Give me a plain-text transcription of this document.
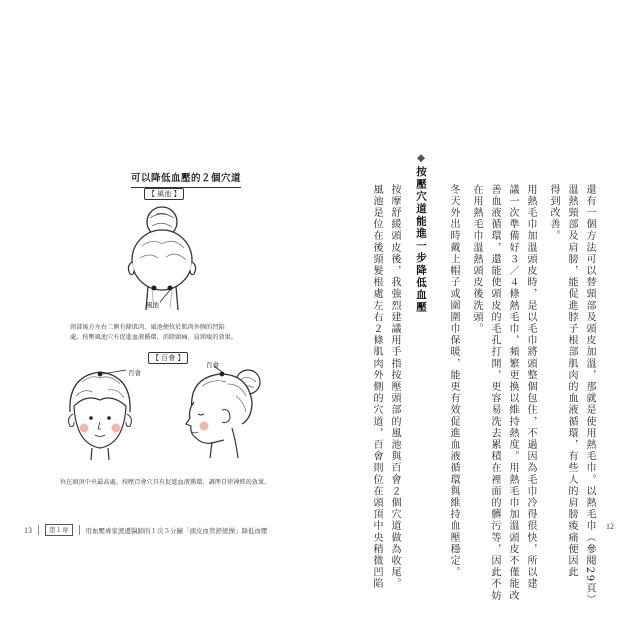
可以降低血壓的２個穴道
【 風池 】
風池
頸部後方左右二側有條肌肉，風池便位於肌肉外側的凹陷
處。按壓風池穴有促進血液循環、消除頭痛、肩頸痠的效果。
【 百會 】
百會
百會
位在頭頂中央最高處。按壓百會穴具有促進血液循環，調理自律神經的效果。
13	第１章	用血壓專家渡邊醫師的１次５分鐘「頭皮血管舒緩操」降低血壓	還有一個方法可以替頸部及頭皮加溫，那就是使用熱毛巾。以熱毛巾（參閱29頁）
溫熱頸部及肩膀，能促進脖子根部肌肉的血液循環，有些人的肩膀痠痛便因此
得到改善。
用熱毛巾加溫頭皮時，是以毛巾將頭整個包住，不過因為毛巾冷得很快，所以建
議一次準備好３／４條熱毛巾，頻繁更換以維持熱度。用熱毛巾加溫頭皮不僅能改
善血液循環，還能使頭皮的毛孔打開，更容易洗去累積在裡面的髒污等，因此不妨
在用熱毛巾溫熱頭皮後洗頭。
冬天外出時戴上帽子或圍圍巾保暖，能更有效促進血液循環與維持血壓穩定。
◆按壓穴道能進一步降低血壓
按摩舒緩頭皮後，我強烈建議用手指按壓頭部的風池與百會２個穴道做為收尾。
風池是位在後頸髮根處左右２條肌肉外側的穴道，百會則位在頭頂中央稍微凹陷	12
